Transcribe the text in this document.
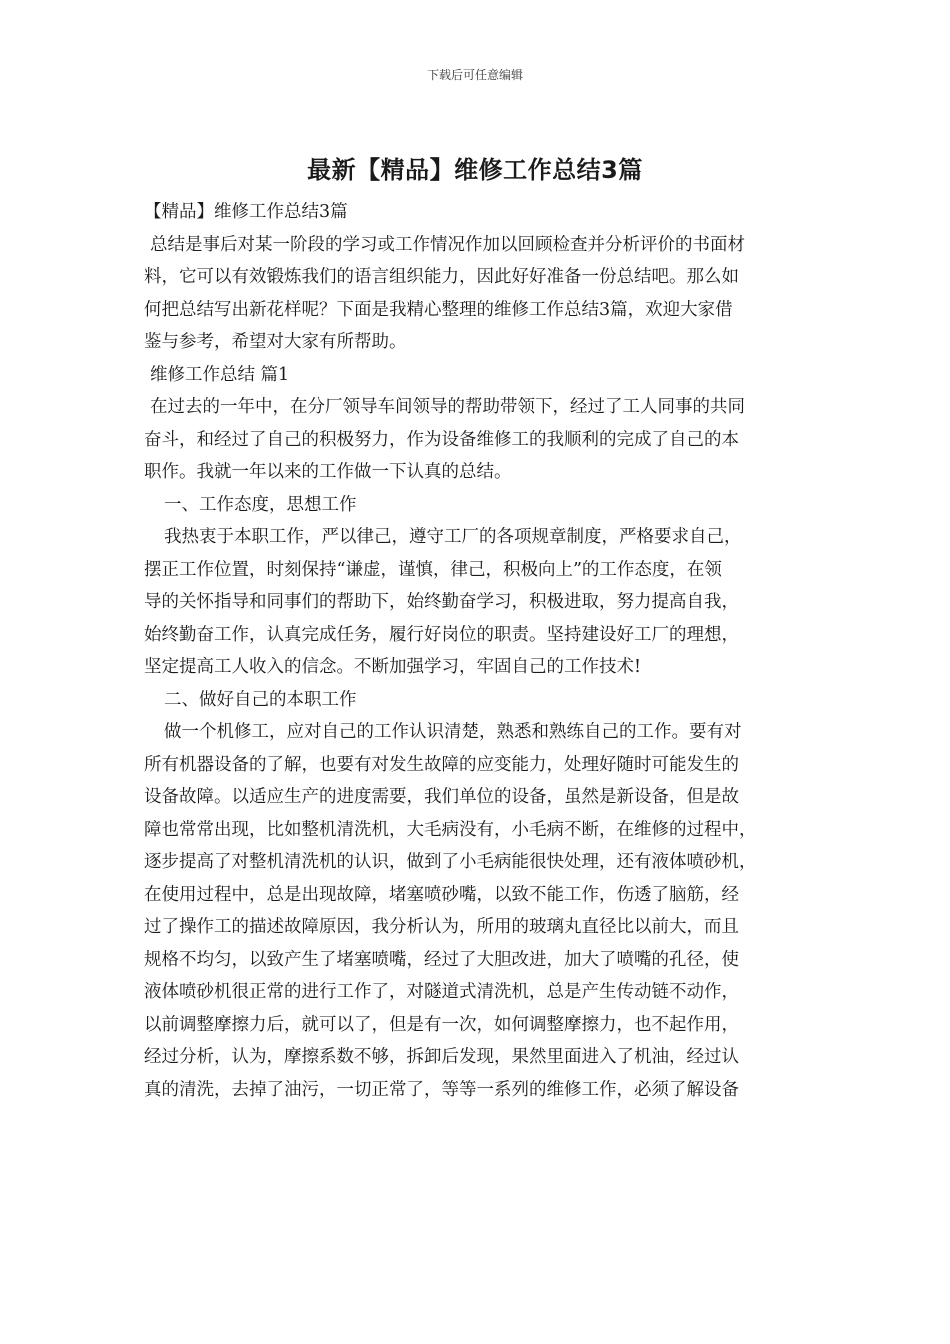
下载后可任意编辑
最新【精品】维修工作总结3篇

【精品】维修工作总结3篇
总结是事后对某一阶段的学习或工作情况作加以回顾检查并分析评价的书面材
料，它可以有效锻炼我们的语言组织能力，因此好好准备一份总结吧。那么如
何把总结写出新花样呢？下面是我精心整理的维修工作总结3篇，欢迎大家借
鉴与参考，希望对大家有所帮助。
维修工作总结 篇1
在过去的一年中，在分厂领导车间领导的帮助带领下，经过了工人同事的共同
奋斗，和经过了自己的积极努力，作为设备维修工的我顺利的完成了自己的本
职作。我就一年以来的工作做一下认真的总结。
一、工作态度，思想工作
我热衷于本职工作，严以律己，遵守工厂的各项规章制度，严格要求自己，
摆正工作位置，时刻保持“谦虚，谨慎，律己，积极向上”的工作态度，在领
导的关怀指导和同事们的帮助下，始终勤奋学习，积极进取，努力提高自我，
始终勤奋工作，认真完成任务，履行好岗位的职责。坚持建设好工厂的理想，
坚定提高工人收入的信念。不断加强学习，牢固自己的工作技术!
二、做好自己的本职工作
做一个机修工，应对自己的工作认识清楚，熟悉和熟练自己的工作。要有对
所有机器设备的了解，也要有对发生故障的应变能力，处理好随时可能发生的
设备故障。以适应生产的进度需要，我们单位的设备，虽然是新设备，但是故
障也常常出现，比如整机清洗机，大毛病没有，小毛病不断，在维修的过程中，
逐步提高了对整机清洗机的认识，做到了小毛病能很快处理，还有液体喷砂机，
在使用过程中，总是出现故障，堵塞喷砂嘴，以致不能工作，伤透了脑筋，经
过了操作工的描述故障原因，我分析认为，所用的玻璃丸直径比以前大，而且
规格不均匀，以致产生了堵塞喷嘴，经过了大胆改进，加大了喷嘴的孔径，使
液体喷砂机很正常的进行工作了，对隧道式清洗机，总是产生传动链不动作，
以前调整摩擦力后，就可以了，但是有一次，如何调整摩擦力，也不起作用，
经过分析，认为，摩擦系数不够，拆卸后发现，果然里面进入了机油，经过认
真的清洗，去掉了油污，一切正常了，等等一系列的维修工作，必须了解设备
